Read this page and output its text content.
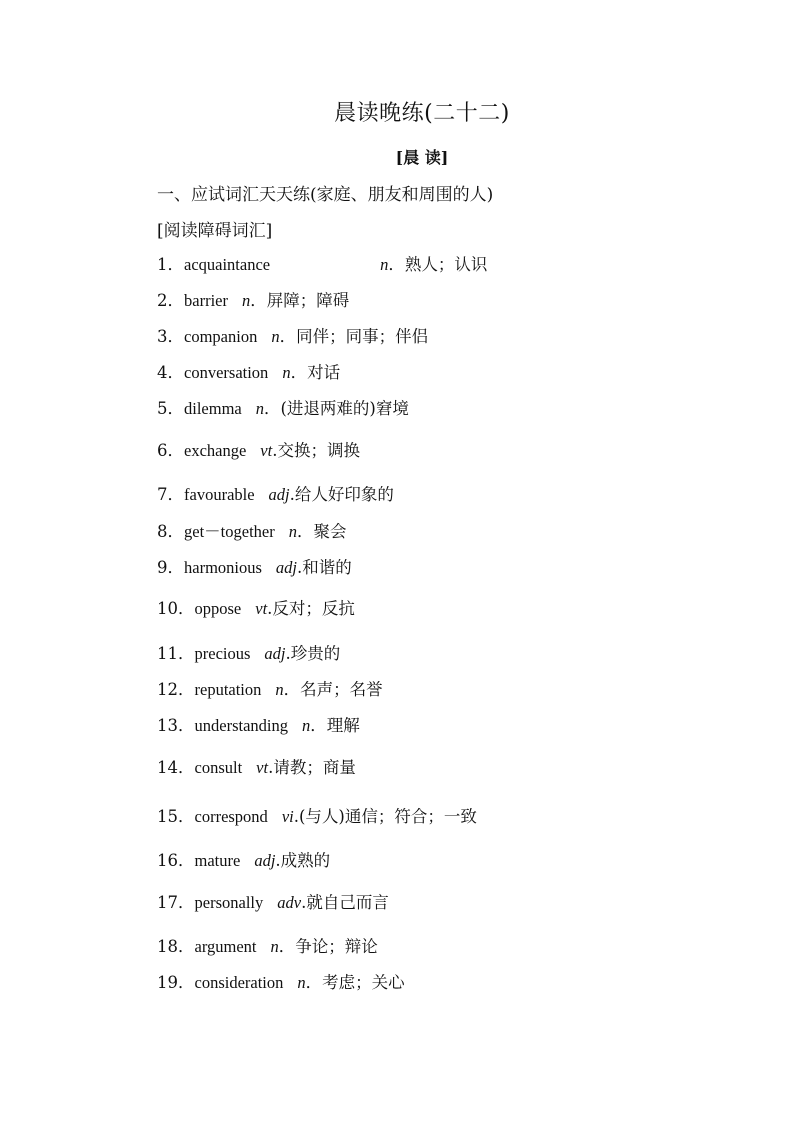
晨读晚练(二十二)
[晨 读]
一、应试词汇天天练(家庭、朋友和周围的人)
[阅读障碍词汇]
1．acquaintance	n．熟人；认识
2．barrier n．屏障；障碍
3．companion n．同伴；同事；伴侣
4．conversation n．对话
5．dilemma n．(进退两难的)窘境
6．exchange vt.交换；调换
7．favourable adj.给人好印象的
8．get－together n．聚会
9．harmonious adj.和谐的
10．oppose vt.反对；反抗
11．precious adj.珍贵的
12．reputation n．名声；名誉
13．understanding n．理解
14．consult vt.请教；商量
15．correspond vi.(与人)通信；符合；一致
16．mature adj.成熟的
17．personally adv.就自己而言
18．argument n．争论；辩论
19．consideration n．考虑；关心
